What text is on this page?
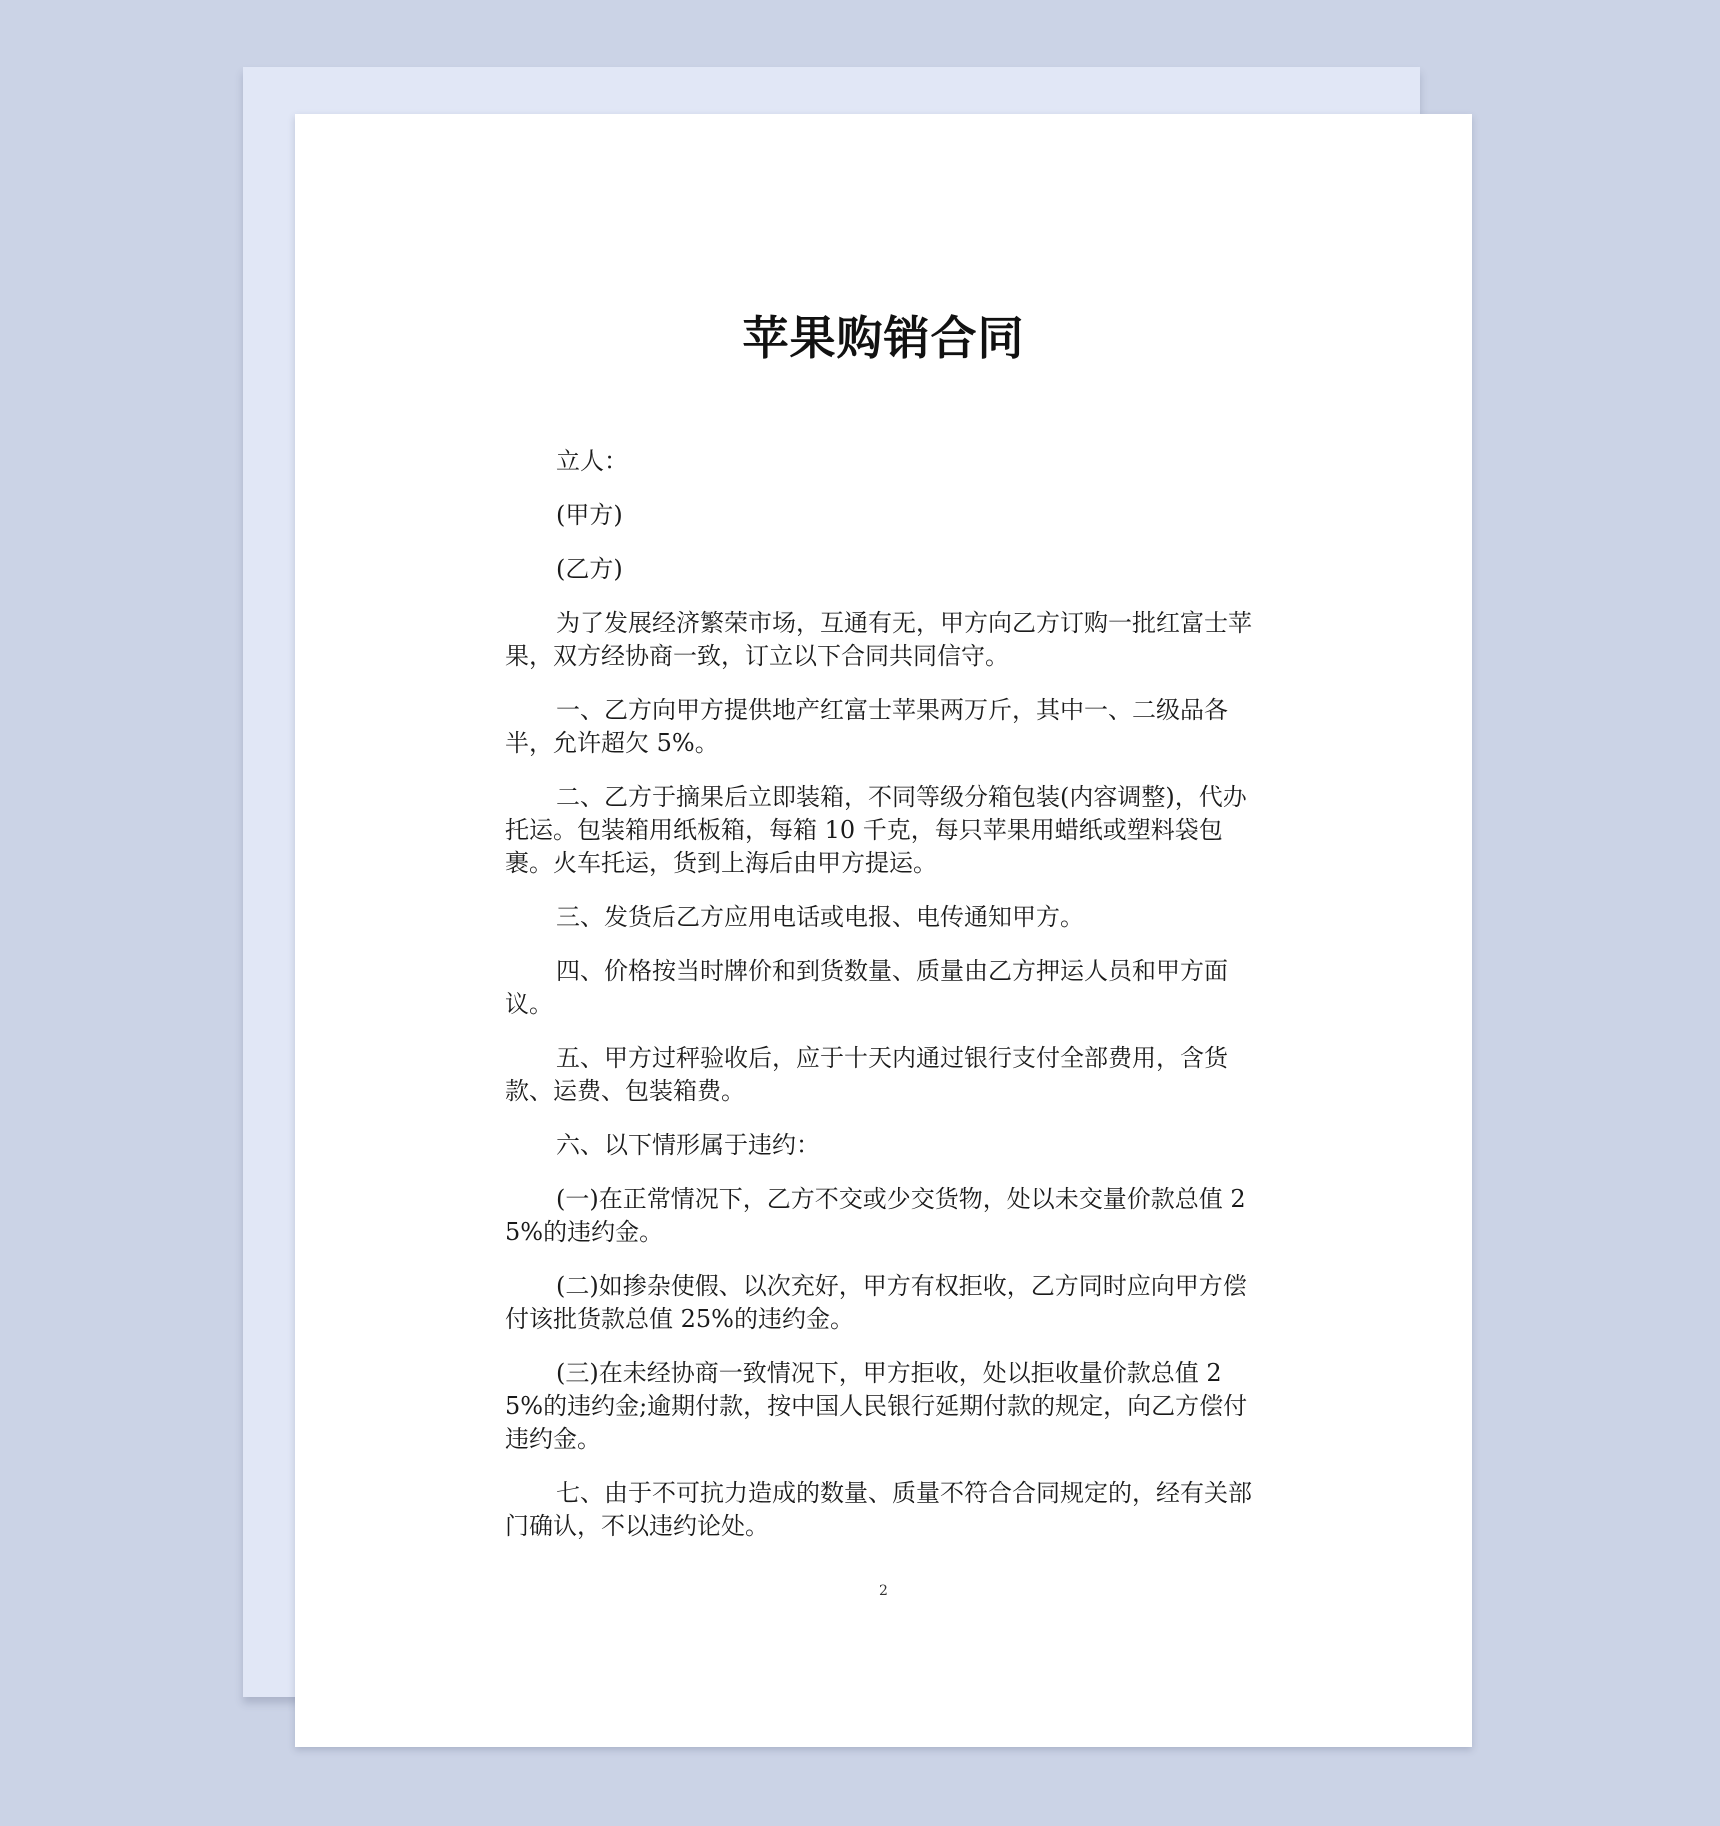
苹果购销合同

立人：

(甲方)

(乙方)

为了发展经济繁荣市场，互通有无，甲方向乙方订购一批红富士苹果，双方经协商一致，订立以下合同共同信守。

一、乙方向甲方提供地产红富士苹果两万斤，其中一、二级品各半，允许超欠 5%。

二、乙方于摘果后立即装箱，不同等级分箱包装(内容调整)，代办托运。包装箱用纸板箱，每箱 10 千克，每只苹果用蜡纸或塑料袋包裹。火车托运，货到上海后由甲方提运。

三、发货后乙方应用电话或电报、电传通知甲方。

四、价格按当时牌价和到货数量、质量由乙方押运人员和甲方面议。

五、甲方过秤验收后，应于十天内通过银行支付全部费用，含货款、运费、包装箱费。

六、以下情形属于违约：

(一)在正常情况下，乙方不交或少交货物，处以未交量价款总值 25%的违约金。

(二)如掺杂使假、以次充好，甲方有权拒收，乙方同时应向甲方偿付该批货款总值 25%的违约金。

(三)在未经协商一致情况下，甲方拒收，处以拒收量价款总值 25%的违约金;逾期付款，按中国人民银行延期付款的规定，向乙方偿付违约金。

七、由于不可抗力造成的数量、质量不符合合同规定的，经有关部门确认，不以违约论处。

2
